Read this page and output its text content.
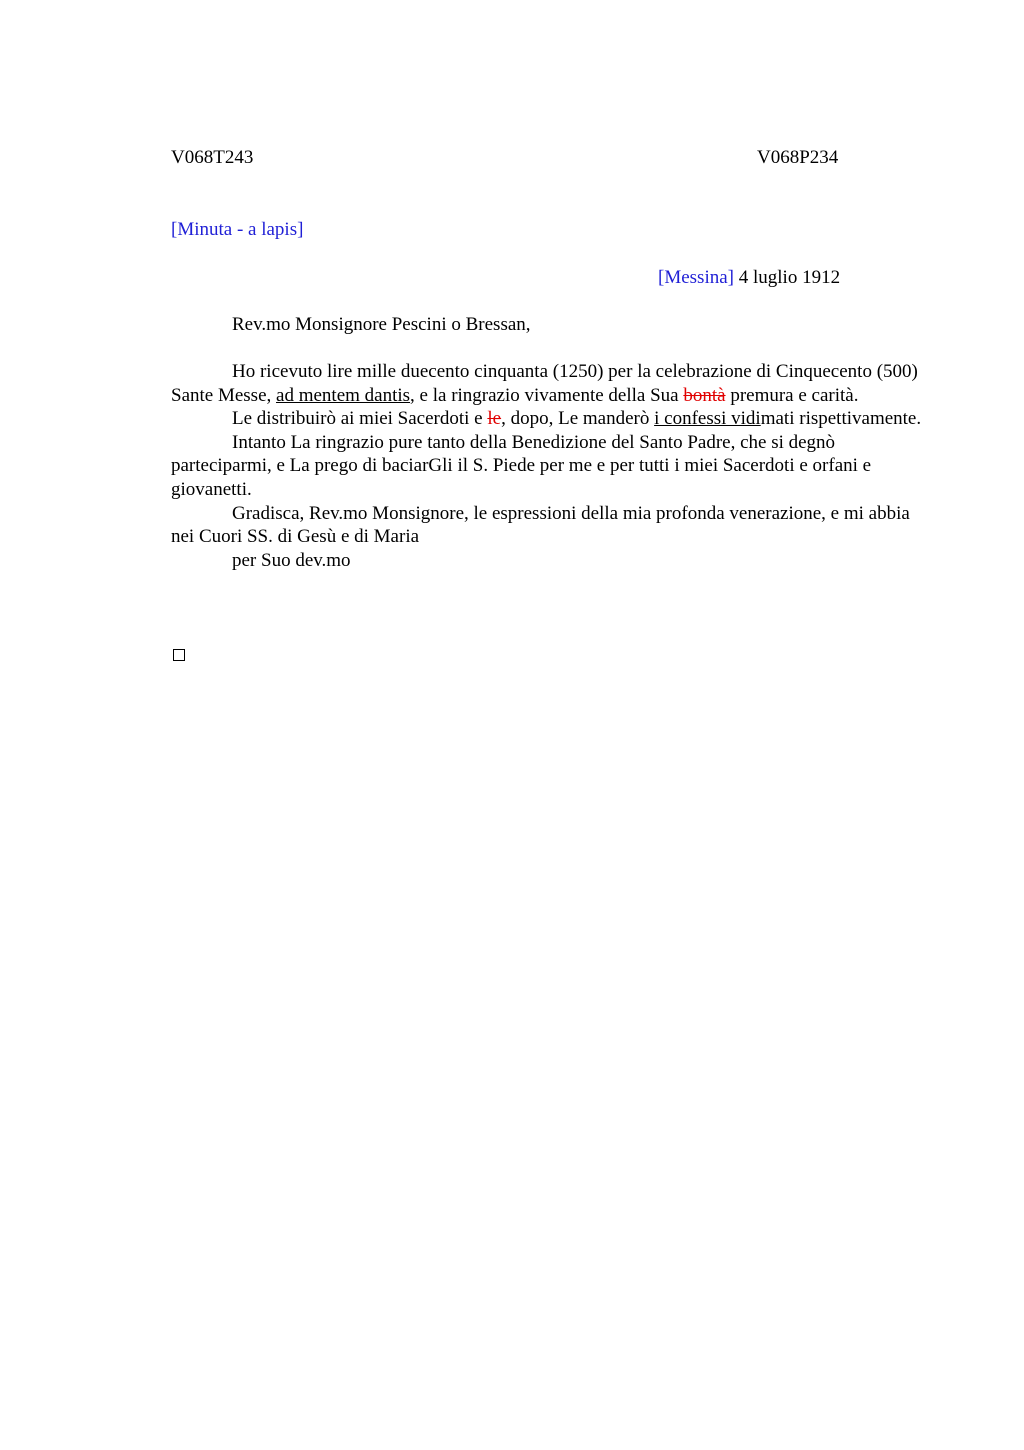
V068T243	V068P234
[Minuta - a lapis]
[Messina] 4 luglio 1912
Rev.mo Monsignore Pescini o Bressan,

Ho ricevuto lire mille duecento cinquanta (1250) per la celebrazione di Cinquecento (500) Sante Messe, ad mentem dantis, e la ringrazio vivamente della Sua bontà premura e carità.

Le distribuirò ai miei Sacerdoti e le, dopo, Le manderò i confessi vidimati rispettivamente.

Intanto La ringrazio pure tanto della Benedizione del Santo Padre, che si degnò parteciparmi, e La prego di baciarGli il S. Piede per me e per tutti i miei Sacerdoti e orfani e giovanetti.

Gradisca, Rev.mo Monsignore, le espressioni della mia profonda venerazione, e mi abbia nei Cuori SS. di Gesù e di Maria

per Suo dev.mo
